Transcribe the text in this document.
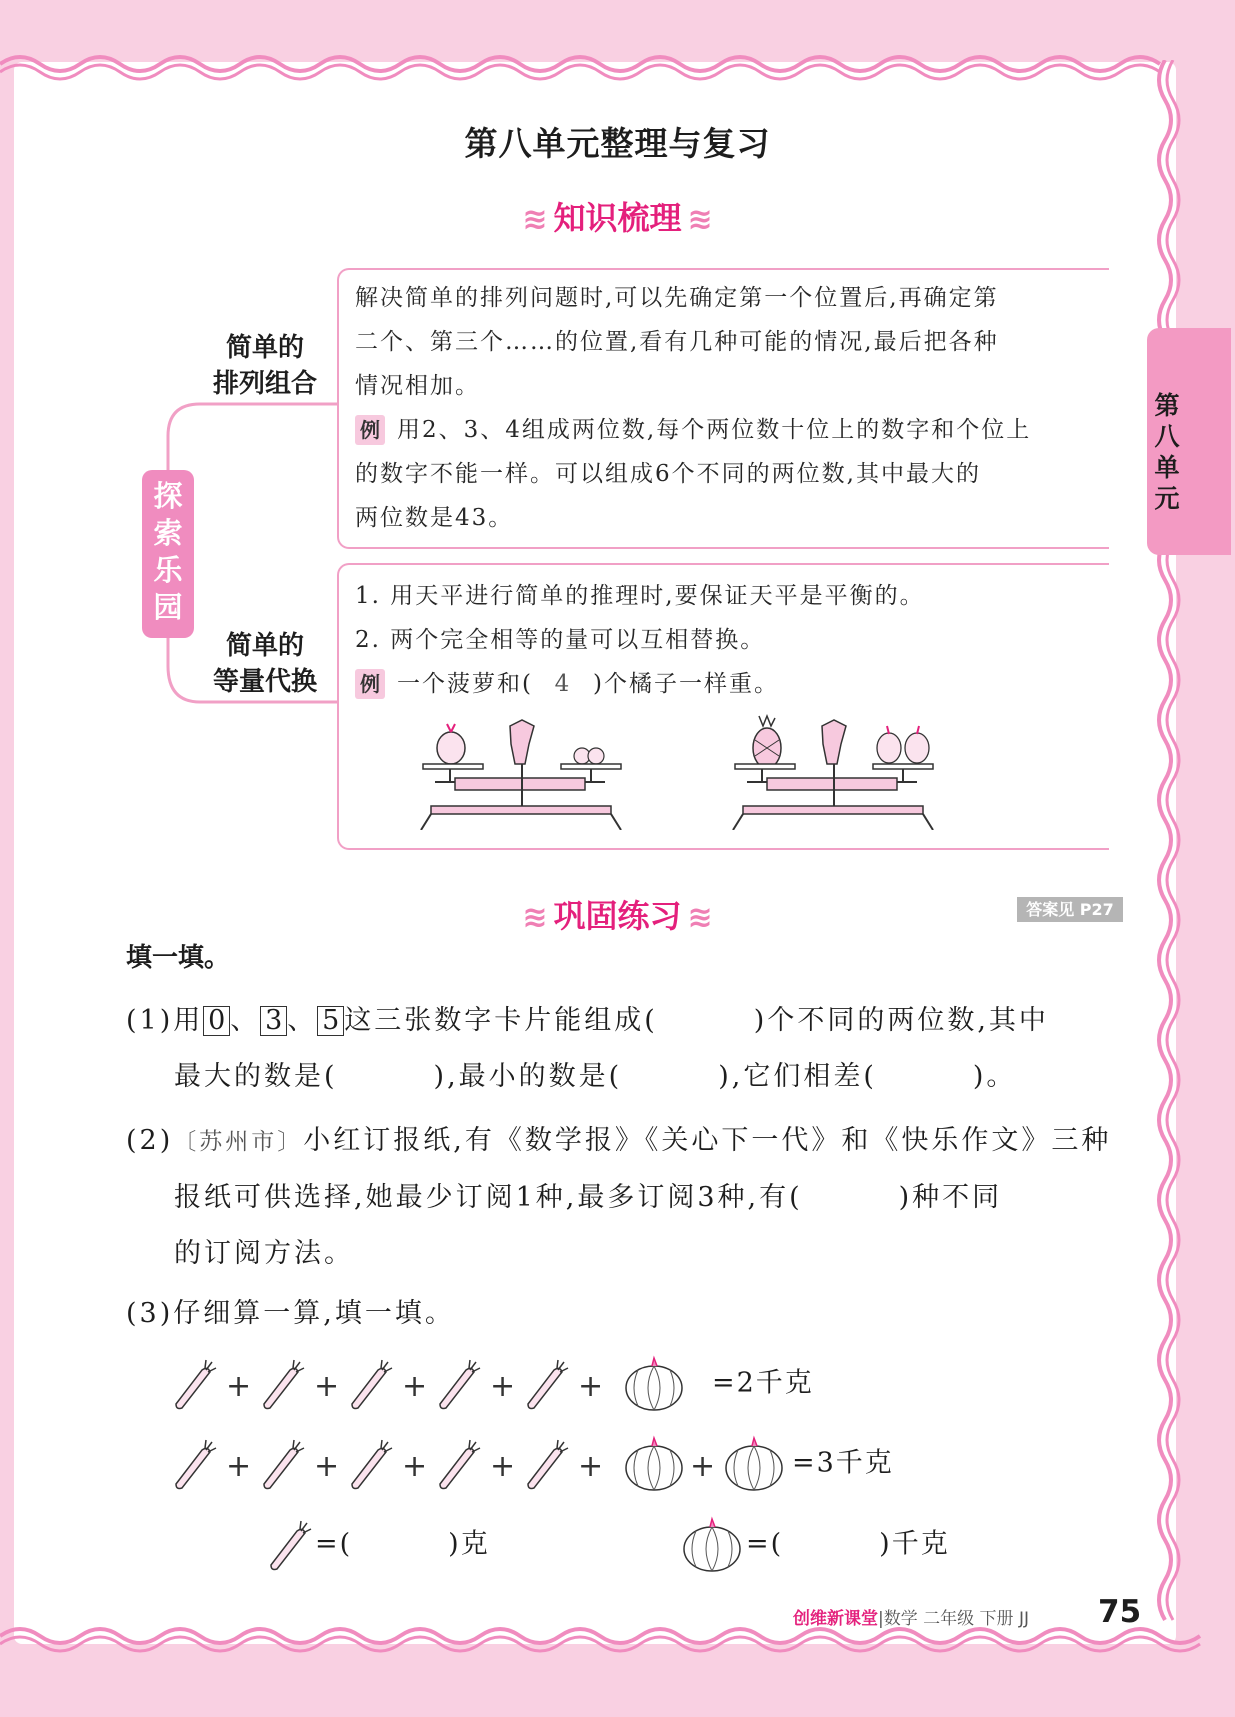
第八单元
第八单元整理与复习
≋ 知识梳理 ≋
探索乐园
简单的
排列组合
简单的
等量代换
解决简单的排列问题时,可以先确定第一个位置后,再确定第
二个、第三个……的位置,看有几种可能的情况,最后把各种
情况相加。
例 用2、3、4组成两位数,每个两位数十位上的数字和个位上
的数字不能一样。可以组成6个不同的两位数,其中最大的
两位数是43。
1. 用天平进行简单的推理时,要保证天平是平衡的。
2. 两个完全相等的量可以互相替换。
例 一个菠萝和( 4 )个橘子一样重。
≋ 巩固练习 ≋	答案见 P27
填一填。
(1)用 0 、 3 、 5 这三张数字卡片能组成(	)个不同的两位数,其中
最大的数是(	),最小的数是(	),它们相差(	)。
(2)〔苏州市〕小红订报纸,有《数学报》《关心下一代》和《快乐作文》三种
报纸可供选择,她最少订阅1种,最多订阅3种,有(	)种不同
的订阅方法。
(3)仔细算一算,填一填。
+ + + + +	=2千克
+ + + + +	+	=3千克
=(	)克	=(	)千克
创维新课堂|数学 二年级 下册 JJ 75
